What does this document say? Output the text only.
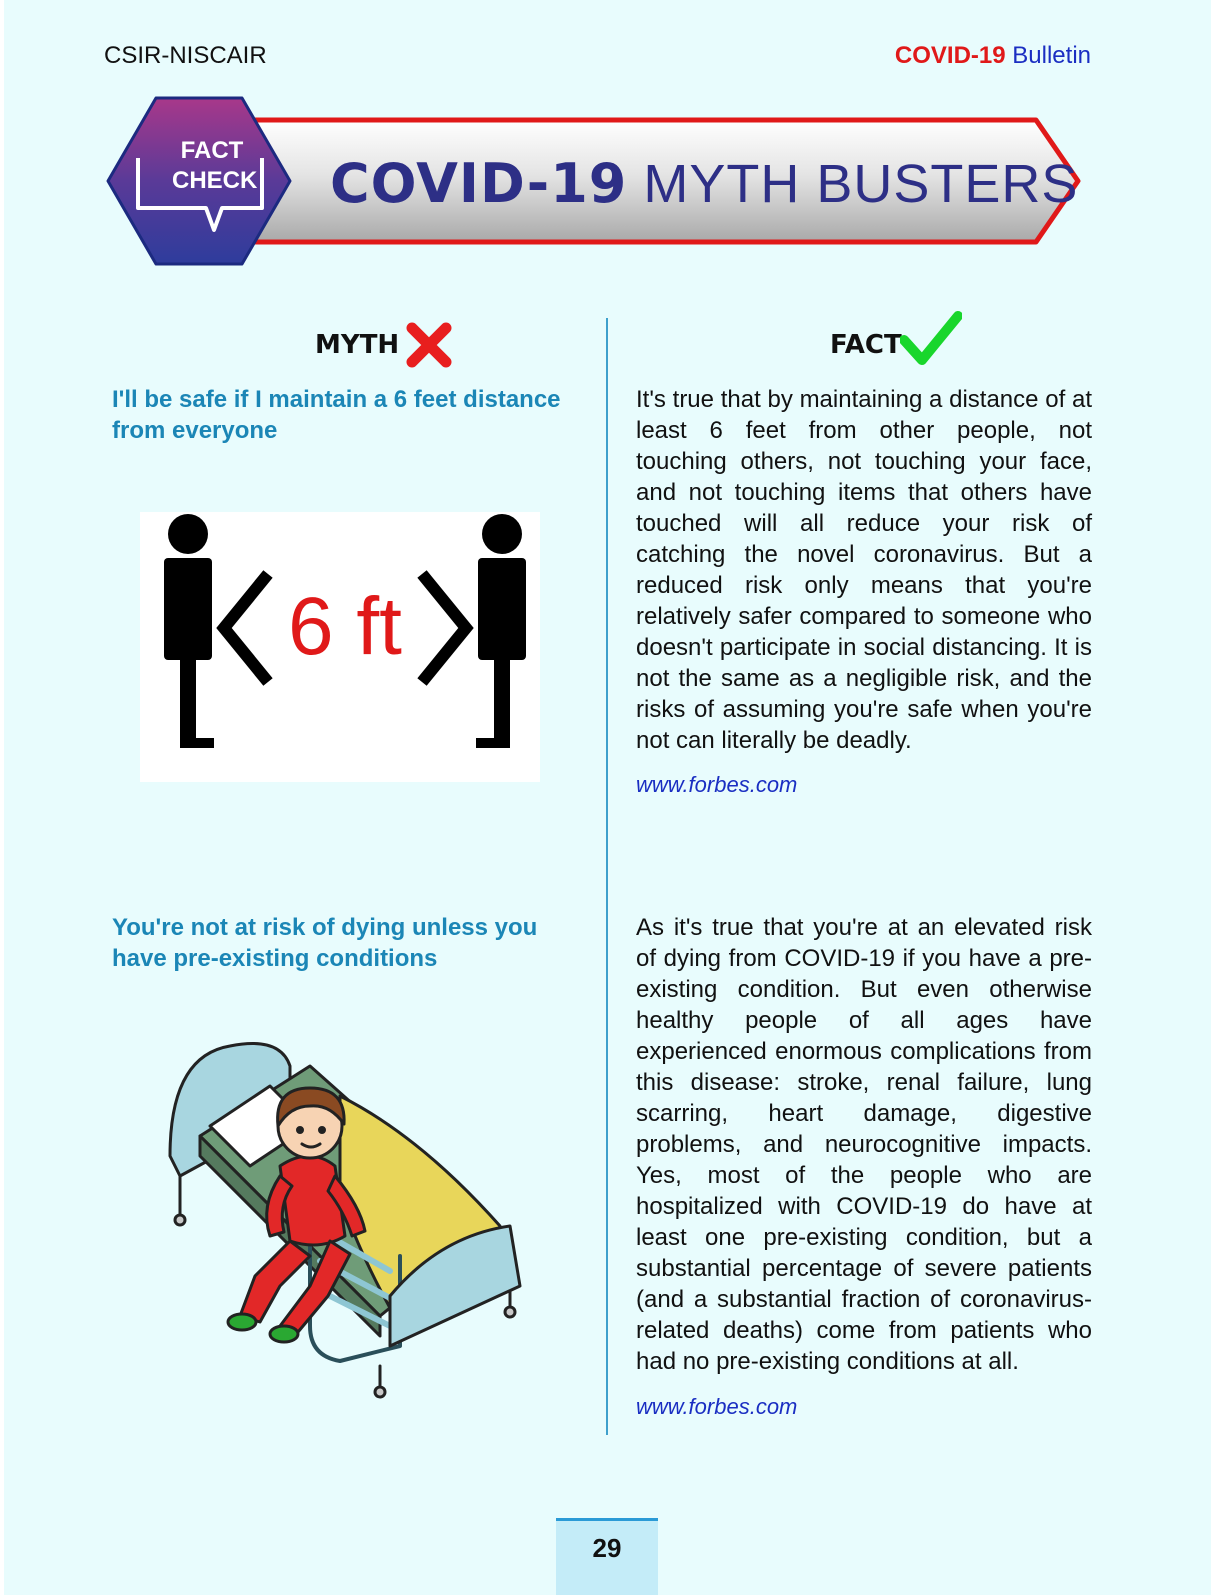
CSIR-NISCAIR	COVID-19 Bulletin
FACT
CHECK COVID-19 MYTH BUSTERS
MYTH	FACT
I'll be safe if I maintain a 6 feet distance from everyone
It's true that by maintaining a distance of at least 6 feet from other people, not touching others, not touching your face, and not touching items that others have touched will all reduce your risk of catching the novel coronavirus. But a reduced risk only means that you're relatively safer compared to someone who doesn't participate in social distancing. It is not the same as a negligible risk, and the risks of assuming you're safe when you're not can literally be deadly.
www.forbes.com
6 ft
You're not at risk of dying unless you have pre-existing conditions
As it's true that you're at an elevated risk of dying from COVID-19 if you have a pre-existing condition. But even otherwise healthy people of all ages have experienced enormous complications from this disease: stroke, renal failure, lung scarring, heart damage, digestive problems, and neurocognitive impacts. Yes, most of the people who are hospitalized with COVID-19 do have at least one pre-existing condition, but a substantial percentage of severe patients (and a substantial fraction of coronavirus-related deaths) come from patients who had no pre-existing conditions at all.
www.forbes.com
29
